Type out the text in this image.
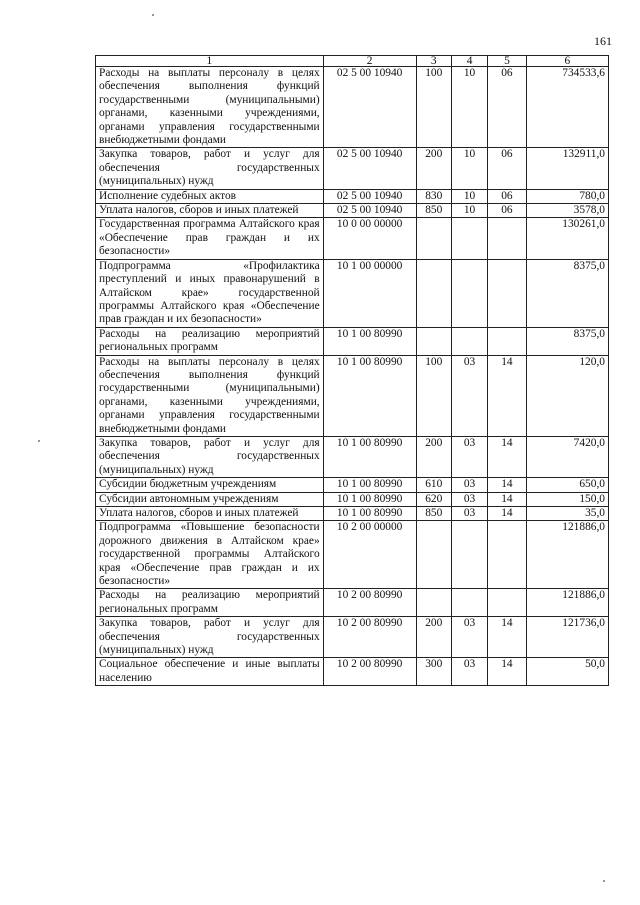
161
1	2	3	4	5	6
Расходы на выплаты персоналу в целях обеспечения выполнения функций государственными (муниципальными) органами, казенными учреждениями, органами управления государственными внебюджетными фондами	02 5 00 10940	100	10	06	734533,6
Закупка товаров, работ и услуг для обеспечения государственных (муниципальных) нужд	02 5 00 10940	200	10	06	132911,0
Исполнение судебных актов	02 5 00 10940	830	10	06	780,0
Уплата налогов, сборов и иных платежей	02 5 00 10940	850	10	06	3578,0
Государственная программа Алтайского края «Обеспечение прав граждан и их безопасности»	10 0 00 00000				130261,0
Подпрограмма «Профилактика преступлений и иных правонарушений в Алтайском крае» государственной программы Алтайского края «Обеспечение прав граждан и их безопасности»	10 1 00 00000				8375,0
Расходы на реализацию мероприятий региональных программ	10 1 00 80990				8375,0
Расходы на выплаты персоналу в целях обеспечения выполнения функций государственными (муниципальными) органами, казенными учреждениями, органами управления государственными внебюджетными фондами	10 1 00 80990	100	03	14	120,0
Закупка товаров, работ и услуг для обеспечения государственных (муниципальных) нужд	10 1 00 80990	200	03	14	7420,0
Субсидии бюджетным учреждениям	10 1 00 80990	610	03	14	650,0
Субсидии автономным учреждениям	10 1 00 80990	620	03	14	150,0
Уплата налогов, сборов и иных платежей	10 1 00 80990	850	03	14	35,0
Подпрограмма «Повышение безопасности дорожного движения в Алтайском крае» государственной программы Алтайского края «Обеспечение прав граждан и их безопасности»	10 2 00 00000				121886,0
Расходы на реализацию мероприятий региональных программ	10 2 00 80990				121886,0
Закупка товаров, работ и услуг для обеспечения государственных (муниципальных) нужд	10 2 00 80990	200	03	14	121736,0
Социальное обеспечение и иные выплаты населению	10 2 00 80990	300	03	14	50,0
